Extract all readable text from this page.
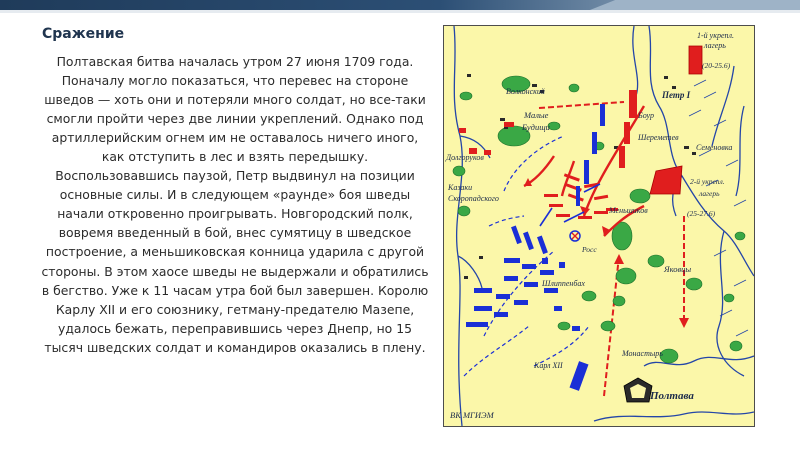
Сражение

Полтавская битва началась утром 27 июня 1709 года. Поначалу могло показаться, что перевес на стороне шведов — хоть они и потеряли много солдат, но все-таки смогли пройти через две линии укреплений. Однако под артиллерийским огнем им не оставалось ничего иного, как отступить в лес и взять передышку. Воспользовавшись паузой, Петр выдвинул на позиции основные силы. И в следующем «раунде» боя шведы начали откровенно проигрывать. Новгородский полк, вовремя введенный в бой, внес сумятицу в шведское построение, а меньшиковская конница ударила с другой стороны. В этом хаосе шведы не выдержали и обратились в бегство. Уже к 11 часам утра бой был завершен. Королю Карлу XII и его союзнику, гетману-предателю Мазепе, удалось бежать, переправившись через Днепр, но 15 тысяч шведских солдат и командиров оказались в плену.

1-й укрепл.
лагерь
(20-25.6)
Петр I
Волконский
Малые
Будищи
Боур
Шереметев
Семеновка
Долгоруков
2-й укрепл.
лагерь
(25-27.6)
Казаки
Скоропадского
Меньшиков
Росс
Яковцы
Шлиппенбах
Карл XII
Монастырь
Полтава
ВК МГИЭМ
